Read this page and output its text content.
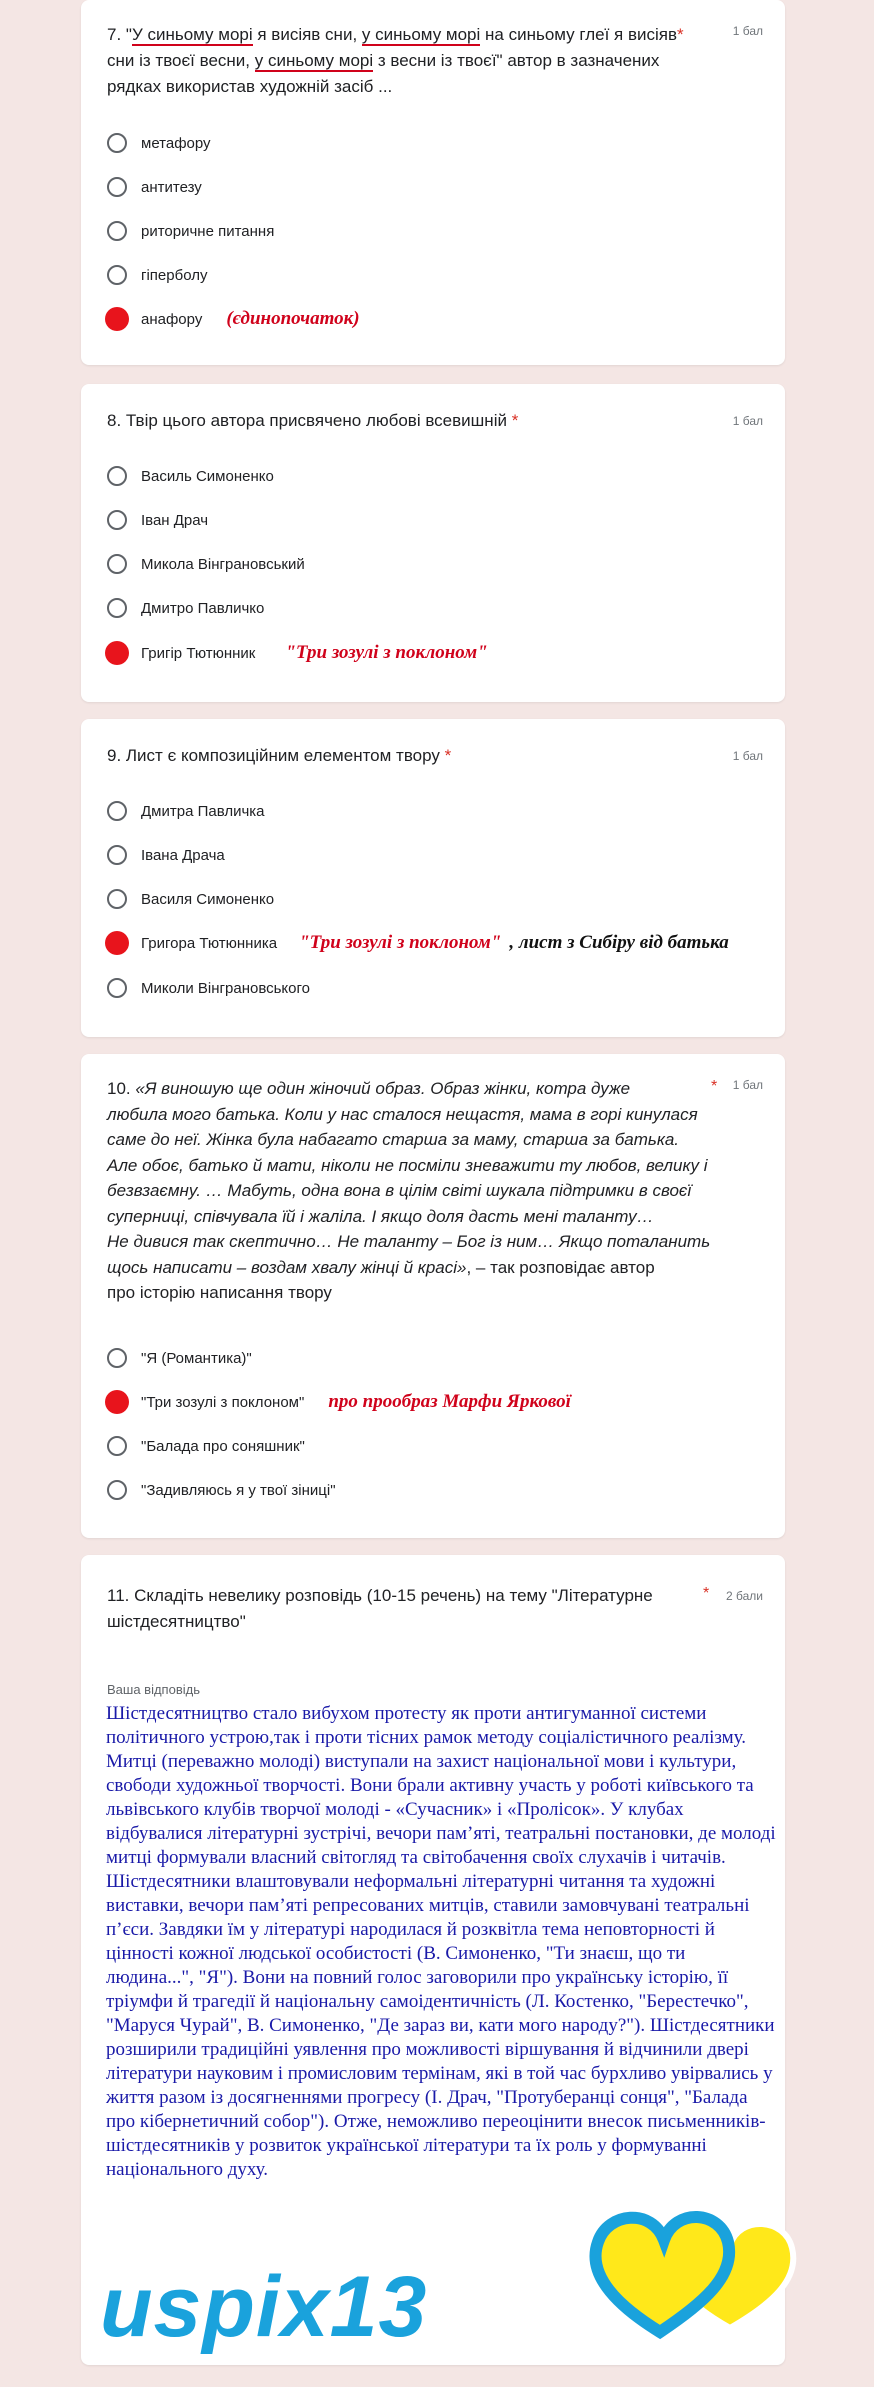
7. "У синьому морі я висіяв сни, у синьому морі на синьому глеї я висіяв*
сни із твоєї весни, у синьому морі з весни із твоєї" автор в зазначених
рядках використав художній засіб ...
1 бал
метафору
антитезу
риторичне питання
гіперболу
анафору (єдинопочаток)
8. Твір цього автора присвячено любові всевишній *	1 бал
Василь Симоненко
Іван Драч
Микола Вінграновський
Дмитро Павличко
Григір Тютюнник "Три зозулі з поклоном"
9. Лист є композиційним елементом твору *	1 бал
Дмитра Павличка
Івана Драча
Василя Симоненко
Григора Тютюнника "Три зозулі з поклоном" , лист з Сибіру від батька
Миколи Вінграновського
10. «Я виношую ще один жіночий образ. Образ жінки, котра дуже
любила мого батька. Коли у нас сталося нещастя, мама в горі кинулася
саме до неї. Жінка була набагато старша за маму, старша за батька.
Але обоє, батько й мати, ніколи не посміли зневажити ту любов, велику і
безвзаємну. … Мабуть, одна вона в цілім світі шукала підтримки в своєї
суперниці, співчувала їй і жаліла. І якщо доля дасть мені таланту…
Не дивися так скептично… Не таланту – Бог із ним… Якщо поталанить
щось написати – воздам хвалу жінці й красі», – так розповідає автор
про історію написання твору
* 1 бал
"Я (Романтика)"
"Три зозулі з поклоном" про прообраз Марфи Яркової
"Балада про соняшник"
"Задивляюсь я у твої зіниці"
11. Складіть невелику розповідь (10-15 речень) на тему "Літературне
шістдесятництво"
* 2 бали
Ваша відповідь
Шістдесятництво стало вибухом протесту як проти антигуманної системи політичного устрою,так і проти тісних рамок методу соціалістичного реалізму. Митці (переважно молоді) виступали на захист національної мови і культури, свободи художньої творчості. Вони брали активну участь у роботі київського та львівського клубів творчої молоді - «Сучасник» і «Пролісок». У клубах відбувалися літературні зустрічі, вечори пам’яті, театральні постановки, де молоді митці формували власний світогляд та світобачення своїх слухачів і читачів. Шістдесятники влаштовували неформальні літературні читання та художні виставки, вечори пам’яті репресованих митців, ставили замовчувані театральні п’єси. Завдяки їм у літературі народилася й розквітла тема неповторності й цінності кожної людської особистості (В. Симоненко, "Ти знаєш, що ти людина...", "Я"). Вони на повний голос заговорили про українську історію, її тріумфи й трагедії й національну самоідентичність (Л. Костенко, "Берестечко", "Маруся Чурай", В. Симоненко, "Де зараз ви, кати мого народу?"). Шістдесятники розширили традиційні уявлення про можливості віршування й відчинили двері літератури науковим і промисловим термінам, які в той час бурхливо увірвались у життя разом із досягненнями прогресу (І. Драч, "Протуберанці сонця", "Балада про кібернетичний собор"). Отже, неможливо переоцінити внесок письменників-шістдесятників у розвиток української літератури та їх роль у формуванні національного духу.
uspix13
